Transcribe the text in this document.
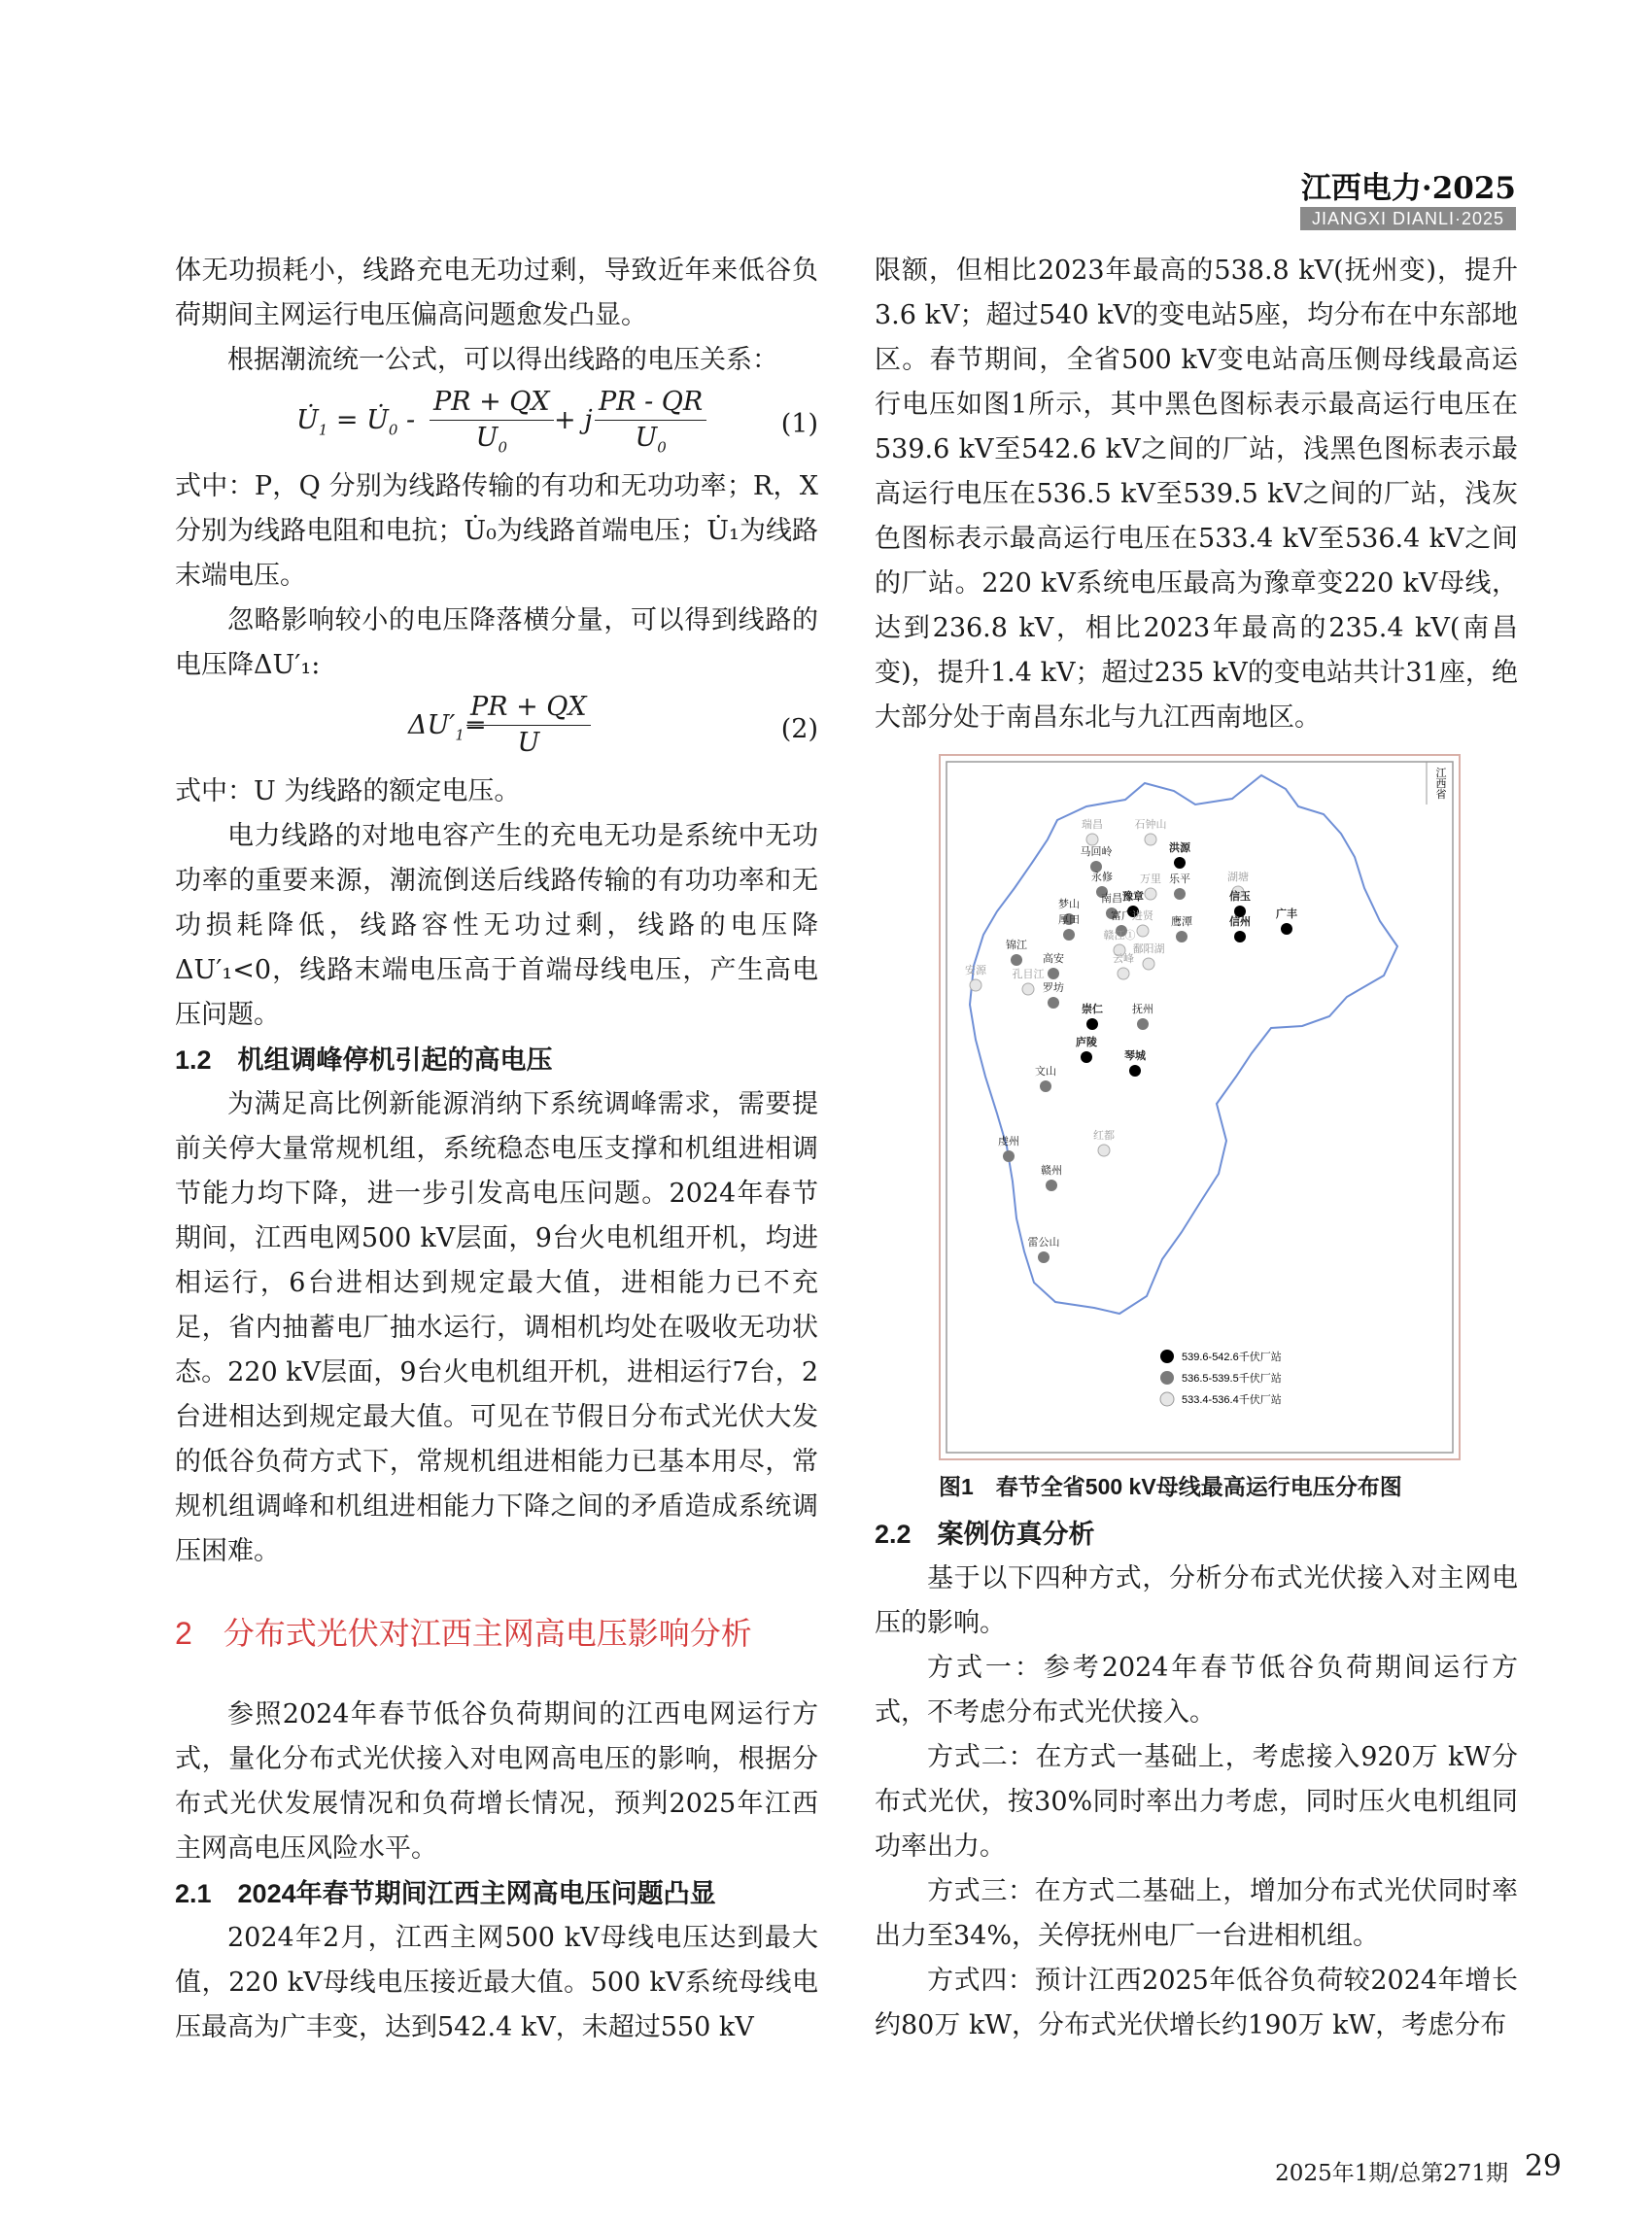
江西电力·2025
JIANGXI DIANLI·2025

体无功损耗小，线路充电无功过剩，导致近年来低谷负荷期间主网运行电压偏高问题愈发凸显。

根据潮流统一公式，可以得出线路的电压关系：

$U̇_1$ = $U̇_0 - \frac{PR + QX}{U_0} + j \frac{PR - QR}{U_0}$	(1)

式中：P，Q 分别为线路传输的有功和无功功率；R，X 分别为线路电阻和电抗；U̇₀为线路首端电压；U̇₁为线路末端电压。

忽略影响较小的电压降落横分量，可以得到线路的电压降ΔU′₁:

$\Delta U'_1=$
$\frac{PR + QX}{U}$	(2)

式中：U 为线路的额定电压。

电力线路的对地电容产生的充电无功是系统中无功功率的重要来源，潮流倒送后线路传输的有功功率和无功损耗降低，线路容性无功过剩，线路的电压降ΔU′₁<0，线路末端电压高于首端母线电压，产生高电压问题。

1.2　机组调峰停机引起的高电压

为满足高比例新能源消纳下系统调峰需求，需要提前关停大量常规机组，系统稳态电压支撑和机组进相调节能力均下降，进一步引发高电压问题。2024年春节期间，江西电网500 kV层面，9台火电机组开机，均进相运行，6台进相达到规定最大值，进相能力已不充足，省内抽蓄电厂抽水运行，调相机均处在吸收无功状态。220 kV层面，9台火电机组开机，进相运行7台，2台进相达到规定最大值。可见在节假日分布式光伏大发的低谷负荷方式下，常规机组进相能力已基本用尽，常规机组调峰和机组进相能力下降之间的矛盾造成系统调压困难。

2　分布式光伏对江西主网高电压影响分析

参照2024年春节低谷负荷期间的江西电网运行方式，量化分布式光伏接入对电网高电压的影响，根据分布式光伏发展情况和负荷增长情况，预判2025年江西主网高电压风险水平。

2.1　2024年春节期间江西主网高电压问题凸显

2024年2月，江西主网500 kV母线电压达到最大值，220 kV母线电压接近最大值。500 kV系统母线电压最高为广丰变，达到542.4 kV，未超过550 kV

限额，但相比2023年最高的538.8 kV(抚州变)，提升3.6 kV；超过540 kV的变电站5座，均分布在中东部地区。春节期间，全省500 kV变电站高压侧母线最高运行电压如图1所示，其中黑色图标表示最高运行电压在539.6 kV至542.6 kV之间的厂站，浅黑色图标表示最高运行电压在536.5 kV至539.5 kV之间的厂站，浅灰色图标表示最高运行电压在533.4 kV至536.4 kV之间的厂站。220 kV系统电压最高为豫章变220 kV母线，达到236.8 kV，相比2023年最高的235.4 kV(南昌变)，提升1.4 kV；超过235 kV的变电站共计31座，绝大部分处于南昌东北与九江西南地区。

江西省
瑞昌	石钟山
洪源
马回岭
永修	万里 乐平	湖塘
豫章
南昌	信玉
梦山
厚田	富广 进贤 鹰潭	信州
广丰
锦江
高安
赣江①
鄱阳湖
安源 孔目江
云峰
罗坊
崇仁	抚州
庐陵
琴城
文山
红都
虔州
赣州
雷公山
539.6-542.6千伏厂站
536.5-539.5千伏厂站
533.4-536.4千伏厂站
图1　春节全省500 kV母线最高运行电压分布图

2.2　案例仿真分析

基于以下四种方式，分析分布式光伏接入对主网电压的影响。

方式一：参考2024年春节低谷负荷期间运行方式，不考虑分布式光伏接入。

方式二：在方式一基础上，考虑接入920万 kW分布式光伏，按30%同时率出力考虑，同时压火电机组同功率出力。

方式三：在方式二基础上，增加分布式光伏同时率出力至34%，关停抚州电厂一台进相机组。

方式四：预计江西2025年低谷负荷较2024年增长约80万 kW，分布式光伏增长约190万 kW，考虑分布

2025年1期/总第271期 29
